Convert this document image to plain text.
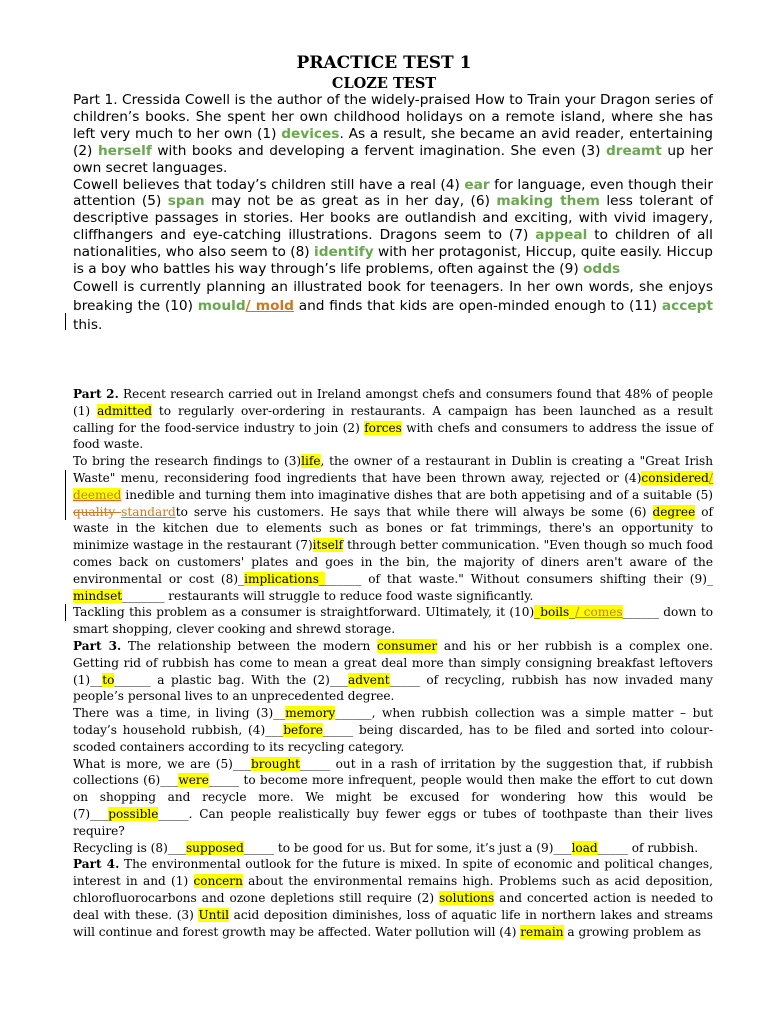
PRACTICE TEST 1
CLOZE TEST
Part 1. Cressida Cowell is the author of the widely-praised How to Train your Dragon series of children’s books. She spent her own childhood holidays on a remote island, where she has left very much to her own (1) devices. As a result, she became an avid reader, entertaining (2) herself with books and developing a fervent imagination. She even (3) dreamt up her own secret languages.
Cowell believes that today’s children still have a real (4) ear for language, even though their attention (5) span may not be as great as in her day, (6) making them less tolerant of descriptive passages in stories. Her books are outlandish and exciting, with vivid imagery, cliffhangers and eye-catching illustrations. Dragons seem to (7) appeal to children of all nationalities, who also seem to (8) identify with her protagonist, Hiccup, quite easily. Hiccup is a boy who battles his way through’s life problems, often against the (9) odds
Cowell is currently planning an illustrated book for teenagers. In her own words, she enjoys breaking the (10) mould/ mold and finds that kids are open-minded enough to (11) accept this.
Part 2. Recent research carried out in Ireland amongst chefs and consumers found that 48% of people (1) admitted to regularly over-ordering in restaurants. A campaign has been launched as a result calling for the food-service industry to join (2) forces with chefs and consumers to address the issue of food waste.
To bring the research findings to (3)life, the owner of a restaurant in Dublin is creating a "Great Irish Waste" menu, reconsidering food ingredients that have been thrown away, rejected or (4)considered/ deemed inedible and turning them into imaginative dishes that are both appetising and of a suitable (5) quality standardto serve his customers. He says that while there will always be some (6) degree of waste in the kitchen due to elements such as bones or fat trimmings, there's an opportunity to minimize wastage in the restaurant (7)itself through better communication. "Even though so much food comes back on customers' plates and goes in the bin, the majority of diners aren't aware of the environmental or cost (8)_implications_______ of that waste." Without consumers shifting their (9)_ mindset_______ restaurants will struggle to reduce food waste significantly.
Tackling this problem as a consumer is straightforward. Ultimately, it (10)_boils_/ comes______ down to smart shopping, clever cooking and shrewd storage.
Part 3. The relationship between the modern consumer and his or her rubbish is a complex one. Getting rid of rubbish has come to mean a great deal more than simply consigning breakfast leftovers (1)__to______ a plastic bag. With the (2)___advent_____ of recycling, rubbish has now invaded many people’s personal lives to an unprecedented degree.
There was a time, in living (3)__memory______, when rubbish collection was a simple matter – but today’s household rubbish, (4)___before_____ being discarded, has to be filed and sorted into colour-scoded containers according to its recycling category.
What is more, we are (5)___brought_____ out in a rash of irritation by the suggestion that, if rubbish collections (6)___were_____ to become more infrequent, people would then make the effort to cut down on shopping and recycle more. We might be excused for wondering how this would be (7)___possible_____. Can people realistically buy fewer eggs or tubes of toothpaste than their lives require?
Recycling is (8)___supposed_____ to be good for us. But for some, it’s just a (9)___load_____ of rubbish.
Part 4. The environmental outlook for the future is mixed. In spite of economic and political changes, interest in and (1) concern about the environmental remains high. Problems such as acid deposition, chlorofluorocarbons and ozone depletions still require (2) solutions and concerted action is needed to deal with these. (3) Until acid deposition diminishes, loss of aquatic life in northern lakes and streams will continue and forest growth may be affected. Water pollution will (4) remain a growing problem as
